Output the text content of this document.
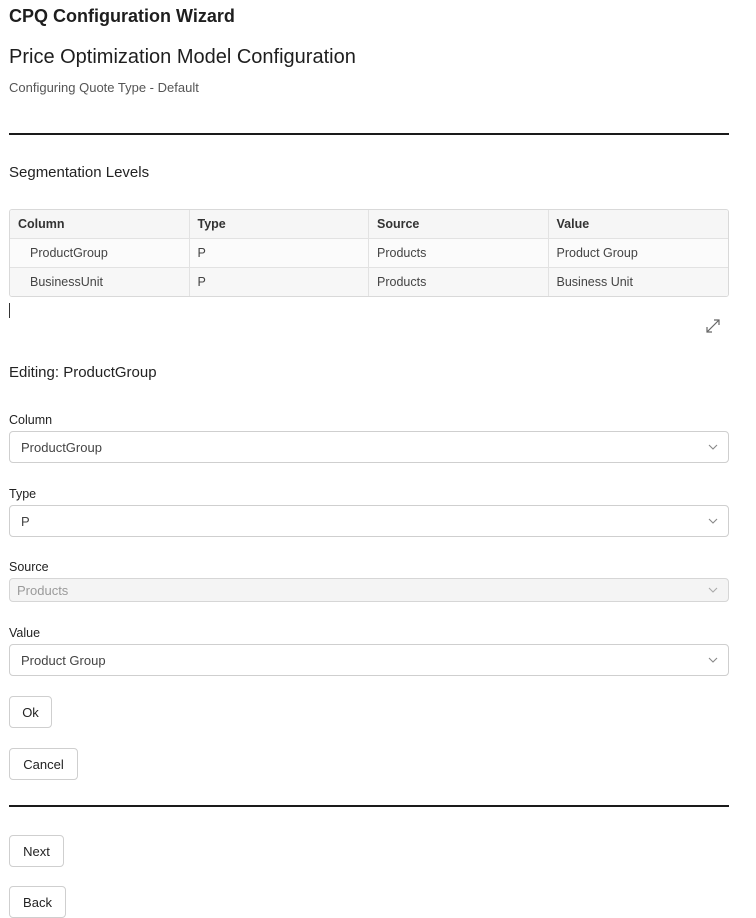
CPQ Configuration Wizard
Price Optimization Model Configuration
Configuring Quote Type - Default
Segmentation Levels
Column	Type	Source	Value
ProductGroup	P	Products	Product Group
BusinessUnit	P	Products	Business Unit
Editing: ProductGroup
Column
ProductGroup
Type
P
Source
Products
Value
Product Group
Ok
Cancel
Next
Back
